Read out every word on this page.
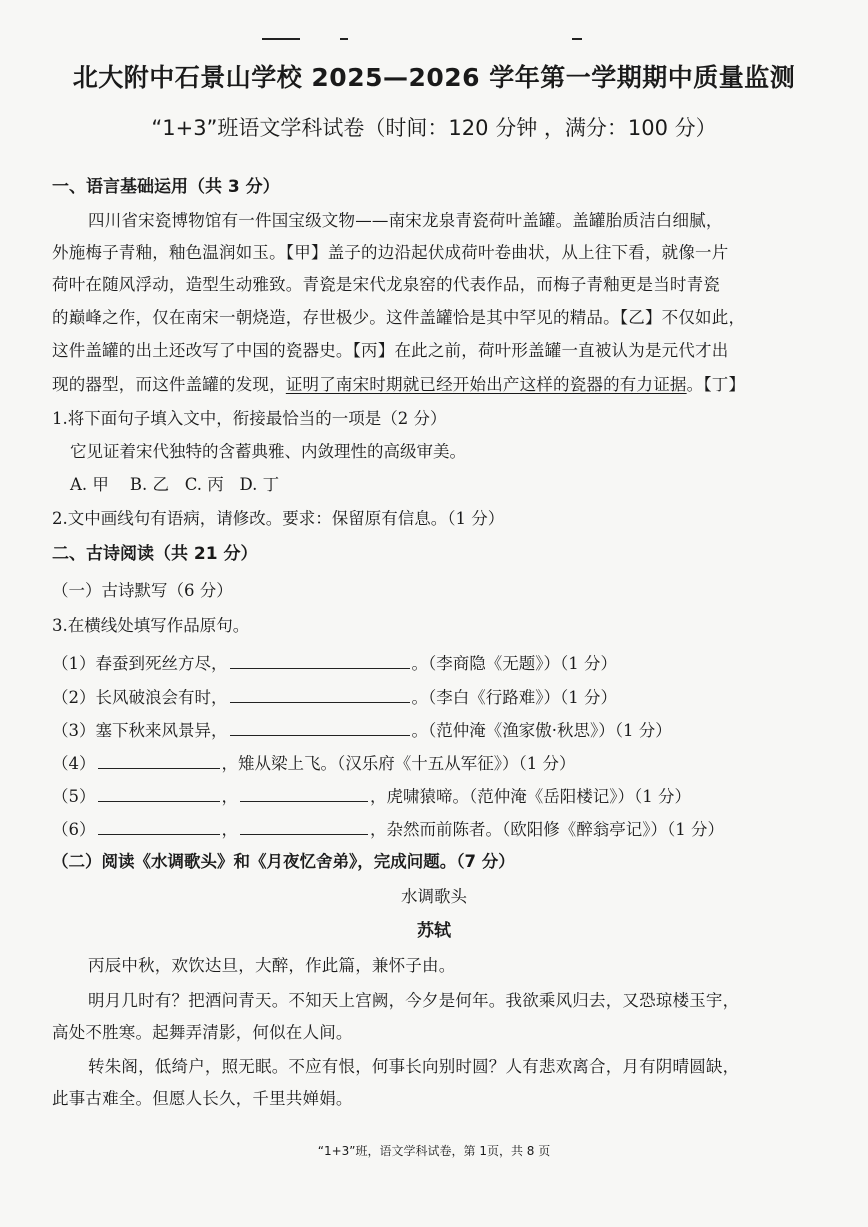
北大附中石景山学校 2025—2026 学年第一学期期中质量监测
“1+3”班语文学科试卷（时间：120 分钟 ，满分：100 分）
一、语言基础运用（共 3 分）
四川省宋瓷博物馆有一件国宝级文物——南宋龙泉青瓷荷叶盖罐。盖罐胎质洁白细腻，
外施梅子青釉，釉色温润如玉。【甲】盖子的边沿起伏成荷叶卷曲状，从上往下看，就像一片
荷叶在随风浮动，造型生动雅致。青瓷是宋代龙泉窑的代表作品，而梅子青釉更是当时青瓷
的巅峰之作，仅在南宋一朝烧造，存世极少。这件盖罐恰是其中罕见的精品。【乙】不仅如此，
这件盖罐的出土还改写了中国的瓷器史。【丙】在此之前，荷叶形盖罐一直被认为是元代才出
现的器型，而这件盖罐的发现，证明了南宋时期就已经开始出产这样的瓷器的有力证据。【丁】
1.将下面句子填入文中，衔接最恰当的一项是（2 分）
它见证着宋代独特的含蓄典雅、内敛理性的高级审美。
A. 甲    B. 乙   C. 丙   D. 丁
2.文中画线句有语病，请修改。要求：保留原有信息。（1 分）
二、古诗阅读（共 21 分）
（一）古诗默写（6 分）
3.在横线处填写作品原句。
（1）春蚕到死丝方尽，	。（李商隐《无题》）（1 分）
（2）长风破浪会有时，	。（李白《行路难》）（1 分）
（3）塞下秋来风景异，	。（范仲淹《渔家傲·秋思》）（1 分）
（4）	，雉从梁上飞。（汉乐府《十五从军征》）（1 分）
（5）	，	，虎啸猿啼。（范仲淹《岳阳楼记》）（1 分）
（6）	，	，杂然而前陈者。（欧阳修《醉翁亭记》）（1 分）
（二）阅读《水调歌头》和《月夜忆舍弟》，完成问题。（7 分）
水调歌头
苏轼
丙辰中秋，欢饮达旦，大醉，作此篇，兼怀子由。
明月几时有？把酒问青天。不知天上宫阙，今夕是何年。我欲乘风归去，又恐琼楼玉宇，
高处不胜寒。起舞弄清影，何似在人间。
转朱阁，低绮户，照无眠。不应有恨，何事长向别时圆？人有悲欢离合，月有阴晴圆缺，
此事古难全。但愿人长久，千里共婵娟。
“1+3”班，语文学科试卷，第 1页，共 8 页
